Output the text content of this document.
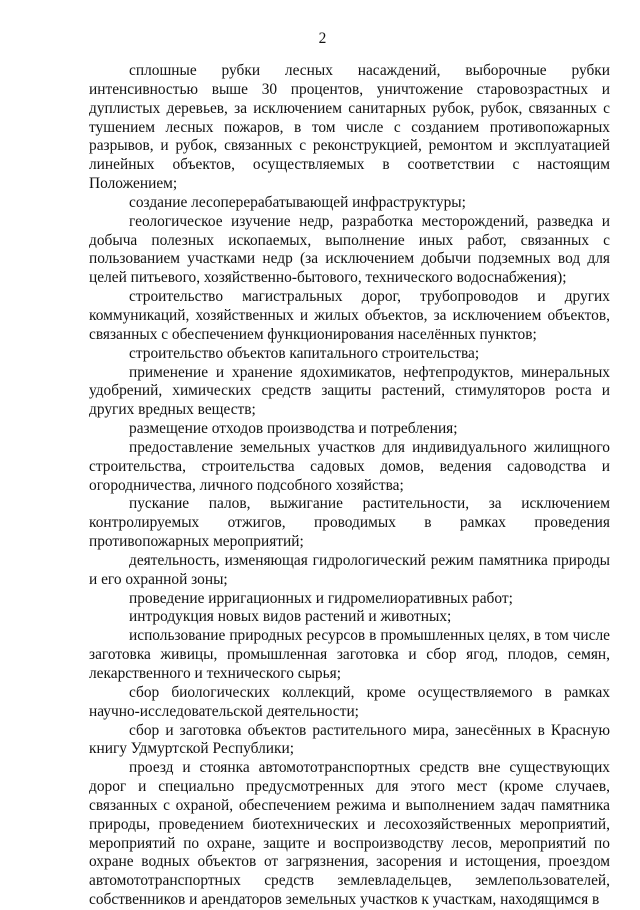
2

сплошные рубки лесных насаждений, выборочные рубки интенсивностью выше 30 процентов, уничтожение старовозрастных и дуплистых деревьев, за исключением санитарных рубок, рубок, связанных с тушением лесных пожаров, в том числе с созданием противопожарных разрывов, и рубок, связанных с реконструкцией, ремонтом и эксплуатацией линейных объектов, осуществляемых в соответствии с настоящим Положением;

создание лесоперерабатывающей инфраструктуры;

геологическое изучение недр, разработка месторождений, разведка и добыча полезных ископаемых, выполнение иных работ, связанных с пользованием участками недр (за исключением добычи подземных вод для целей питьевого, хозяйственно-бытового, технического водоснабжения);

строительство магистральных дорог, трубопроводов и других коммуникаций, хозяйственных и жилых объектов, за исключением объектов, связанных с обеспечением функционирования населённых пунктов;

строительство объектов капитального строительства;

применение и хранение ядохимикатов, нефтепродуктов, минеральных удобрений, химических средств защиты растений, стимуляторов роста и других вредных веществ;

размещение отходов производства и потребления;

предоставление земельных участков для индивидуального жилищного строительства, строительства садовых домов, ведения садоводства и огородничества, личного подсобного хозяйства;

пускание палов, выжигание растительности, за исключением контролируемых отжигов, проводимых в рамках проведения противопожарных мероприятий;

деятельность, изменяющая гидрологический режим памятника природы и его охранной зоны;

проведение ирригационных и гидромелиоративных работ;

интродукция новых видов растений и животных;

использование природных ресурсов в промышленных целях, в том числе заготовка живицы, промышленная заготовка и сбор ягод, плодов, семян, лекарственного и технического сырья;

сбор биологических коллекций, кроме осуществляемого в рамках научно-исследовательской деятельности;

сбор и заготовка объектов растительного мира, занесённых в Красную книгу Удмуртской Республики;

проезд и стоянка автомототранспортных средств вне существующих дорог и специально предусмотренных для этого мест (кроме случаев, связанных с охраной, обеспечением режима и выполнением задач памятника природы, проведением биотехнических и лесохозяйственных мероприятий, мероприятий по охране, защите и воспроизводству лесов, мероприятий по охране водных объектов от загрязнения, засорения и истощения, проездом автомототранспортных средств землевладельцев, землепользователей, собственников и арендаторов земельных участков к участкам, находящимся в
